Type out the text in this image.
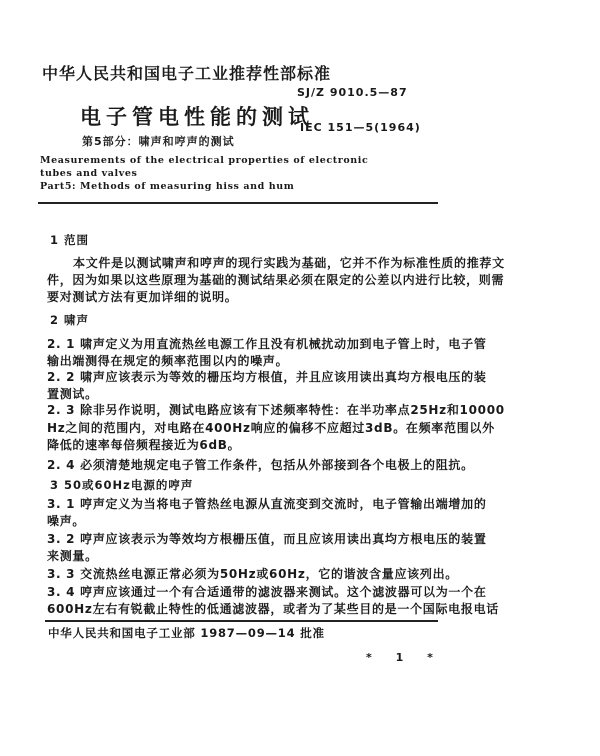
中华人民共和国电子工业推荐性部标准
SJ/Z 9010.5—87
电子管电性能的测试
IEC 151—5(1964)
第5部分：啸声和哼声的测试
Measurements of the electrical properties of electronic
tubes and valves
Part5: Methods of measuring hiss and hum
1 范围
本文件是以测试啸声和哼声的现行实践为基础，它并不作为标准性质的推荐文
件，因为如果以这些原理为基础的测试结果必须在限定的公差以内进行比较，则需
要对测试方法有更加详细的说明。
2 啸声
2. 1 啸声定义为用直流热丝电源工作且没有机械扰动加到电子管上时，电子管
输出端测得在规定的频率范围以内的噪声。
2. 2 啸声应该表示为等效的栅压均方根值，并且应该用读出真均方根电压的装
置测试。
2. 3 除非另作说明，测试电路应该有下述频率特性：在半功率点25Hz和10000
Hz之间的范围内，对电路在400Hz响应的偏移不应超过3dB。在频率范围以外
降低的速率每倍频程接近为6dB。
2. 4 必须清楚地规定电子管工作条件，包括从外部接到各个电极上的阻抗。
3 50或60Hz电源的哼声
3. 1 哼声定义为当将电子管热丝电源从直流变到交流时，电子管输出端增加的
噪声。
3. 2 哼声应该表示为等效均方根栅压值，而且应该用读出真均方根电压的装置
来测量。
3. 3 交流热丝电源正常必须为50Hz或60Hz，它的谐波含量应该列出。
3. 4 哼声应该通过一个有合适通带的滤波器来测试。这个滤波器可以为一个在
600Hz左右有锐截止特性的低通滤波器，或者为了某些目的是一个国际电报电话
中华人民共和国电子工业部 1987—09—14 批准
* 1 *
